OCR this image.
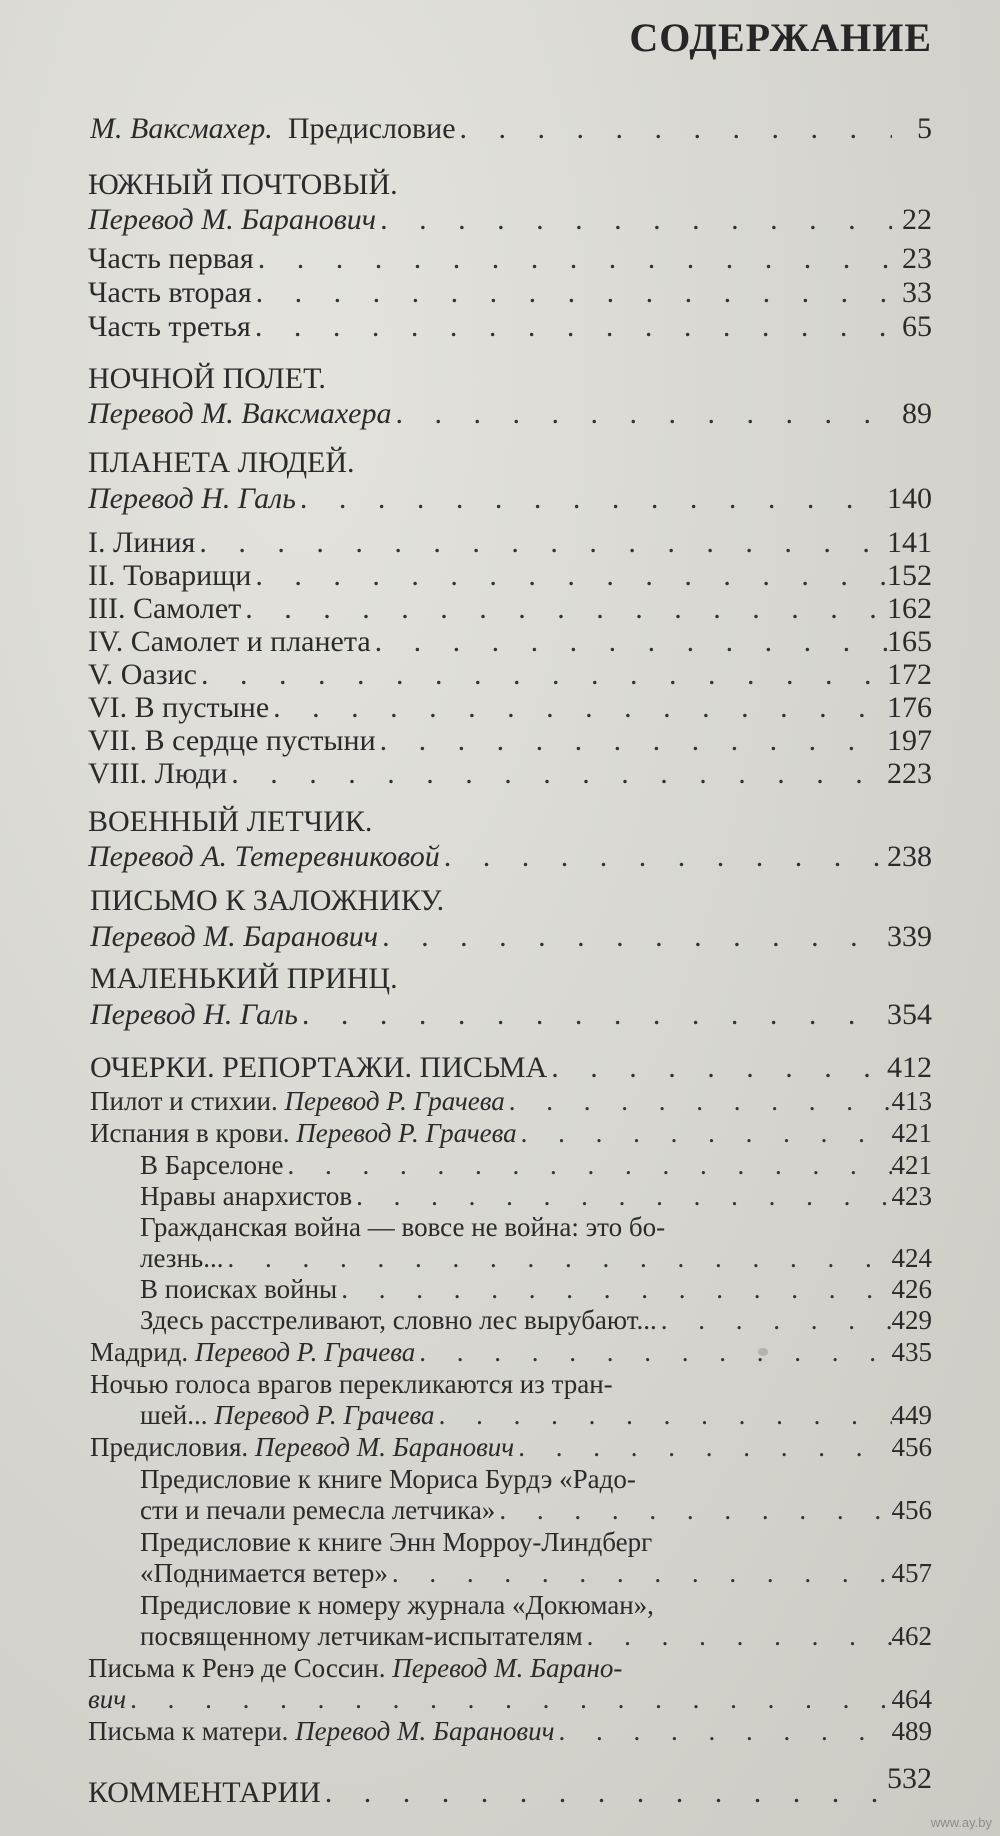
СОДЕРЖАНИЕ
М. Ваксмахер. Предисловие . . .	5
ЮЖНЫЙ ПОЧТОВЫЙ.
Перевод М. Баранович . . .	22
Часть первая . . .	23
Часть вторая . . .	33
Часть третья . . .	65
НОЧНОЙ ПОЛЕТ.
Перевод М. Ваксмахера . . .	89
ПЛАНЕТА ЛЮДЕЙ.
Перевод Н. Галь . . .	140
I. Линия . . .	141
II. Товарищи . . .	152
III. Самолет . . .	162
IV. Самолет и планета . . .	165
V. Оазис . . .	172
VI. В пустыне . . .	176
VII. В сердце пустыни . . .	197
VIII. Люди . . .	223
ВОЕННЫЙ ЛЕТЧИК.
Перевод А. Тетеревниковой . . .	238
ПИСЬМО К ЗАЛОЖНИКУ.
Перевод М. Баранович . . .	339
МАЛЕНЬКИЙ ПРИНЦ.
Перевод Н. Галь . . .	354
ОЧЕРКИ. РЕПОРТАЖИ. ПИСЬМА . . .	412
Пилот и стихии. Перевод Р. Грачева . . .	413
Испания в крови. Перевод Р. Грачева . . .	421
В Барселоне . . .	421
Нравы анархистов . . .	423
Гражданская война — вовсе не война: это бо-
лезнь... . . .	424
В поисках войны . . .	426
Здесь расстреливают, словно лес вырубают... . . .	429
Мадрид. Перевод Р. Грачева . . .	435
Ночью голоса врагов перекликаются из тран-
шей... Перевод Р. Грачева . . .	449
Предисловия. Перевод М. Баранович . . .	456
Предисловие к книге Мориса Бурдэ «Радо-
сти и печали ремесла летчика» . . .	456
Предисловие к книге Энн Морроу-Линдберг
«Поднимается ветер» . . .	457
Предисловие к номеру журнала «Докюман»,
посвященному летчикам-испытателям . . .	462
Письма к Ренэ де Соссин. Перевод М. Барано-
вич . . .	464
Письма к матери. Перевод М. Баранович . . .	489
КОММЕНТАРИИ . . .	532
www.ay.by
